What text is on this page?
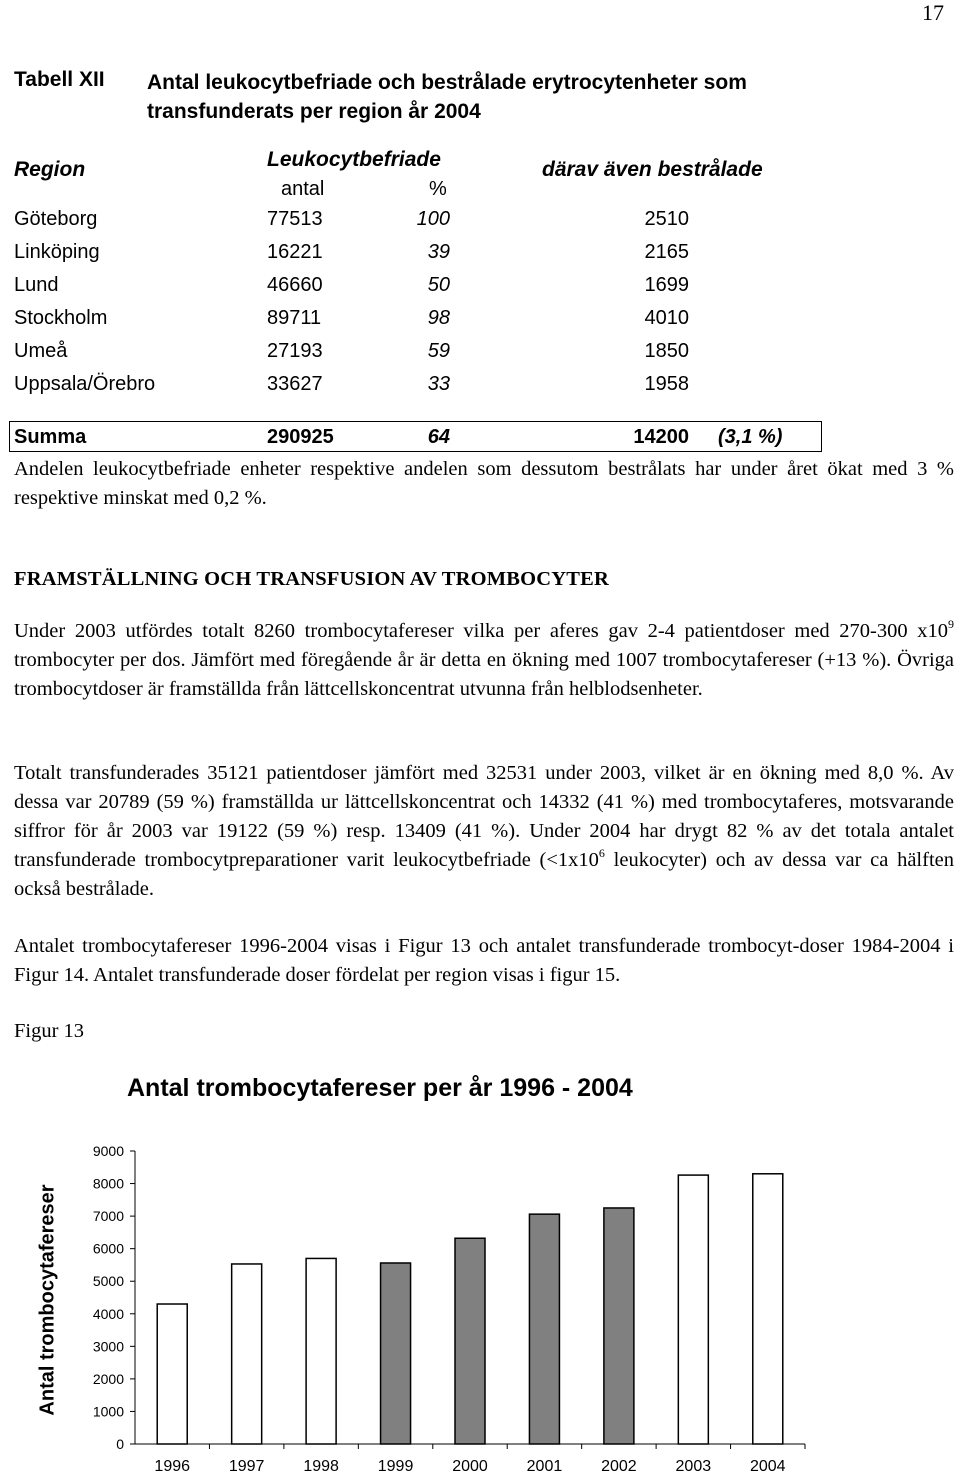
17
Tabell XII Antal leukocytbefriade och bestrålade erytrocytenheter som transfunderats per region år 2004
Region	Leukocytbefriade	därav även bestrålade
antal	%
Göteborg	77513	100	2510
Linköping	16221	39	2165
Lund	46660	50	1699
Stockholm	89711	98	4010
Umeå	27193	59	1850
Uppsala/Örebro	33627	33	1958
Summa	290925	64	14200 (3,1 %)

Andelen leukocytbefriade enheter respektive andelen som dessutom bestrålats har under året ökat med 3 % respektive minskat med 0,2 %.

FRAMSTÄLLNING OCH TRANSFUSION AV TROMBOCYTER

Under 2003 utfördes totalt 8260 trombocytafereser vilka per aferes gav 2-4 patientdoser med 270-300 $x10^9$ trombocyter per dos. Jämfört med föregående år är detta en ökning med 1007 trombocytafereser (+13 %). Övriga trombocytdoser är framställda från lättcellskoncentrat utvunna från helblodsenheter.

Totalt transfunderades 35121 patientdoser jämfört med 32531 under 2003, vilket är en ökning med 8,0 %. Av dessa var 20789 (59 %) framställda ur lättcellskoncentrat och 14332 (41 %) med trombocytaferes, motsvarande siffror för år 2003 var 19122 (59 %) resp. 13409 (41 %). Under 2004 har drygt 82 % av det totala antalet transfunderade trombocytpreparationer varit leukocytbefriade ($<1x10^6$ leukocyter) och av dessa var ca hälften också bestrålade.

Antalet trombocytafereser 1996-2004 visas i Figur 13 och antalet transfunderade trombocyt-doser 1984-2004 i Figur 14. Antalet transfunderade doser fördelat per region visas i figur 15.

Figur 13
Antal trombocytafereser per år 1996 - 2004
Antal trombocytafereser
0
1000
2000
3000
4000
5000
6000
7000
8000
9000
1996 1997 1998 1999 2000 2001 2002 2003 2004
